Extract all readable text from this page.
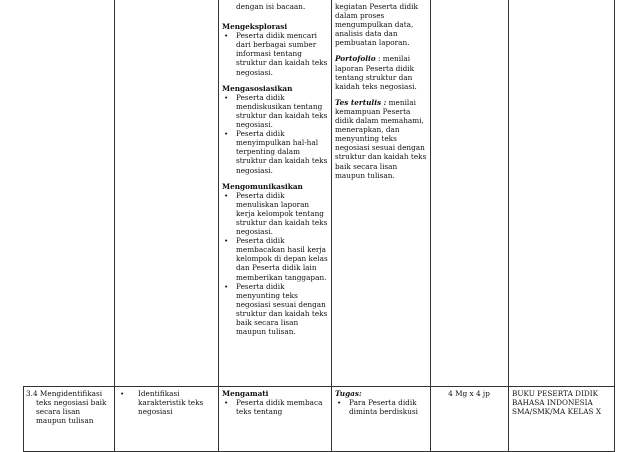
dengan isi bacaan.

Mengeksplorasi

• Peserta didik mencari dari berbagai sumber informasi tentang struktur dan kaidah teks negosiasi.

Mengasosiasikan

• Peserta didik mendiskusikan tentang struktur dan kaidah teks negosiasi.
• Peserta didik menyimpulkan hal-hal terpenting dalam struktur dan kaidah teks negosiasi.

Mengomunikasikan

• Peserta didik menuliskan laporan kerja kelompok tentang struktur dan kaidah teks negosiasi.
• Peserta didik membacakan hasil kerja kelompok di depan kelas dan Peserta didik lain memberikan tanggapan.
• Peserta didik menyunting teks negosiasi sesuai dengan struktur dan kaidah teks baik secara lisan maupun tulisan.

kegiatan Peserta didik dalam proses mengumpulkan data, analisis data dan pembuatan laporan.

Portofolio : menilai laporan Peserta didik tentang struktur dan kaidah teks negosiasi.

Tes tertulis : menilai kemampuan Peserta didik dalam memahami, menerapkan, dan menyunting teks negosiasi sesuai dengan struktur dan kaidah teks baik secara lisan maupun tulisan.

3.4 Mengidentifikasi teks negosiasi baik secara lisan maupun tulisan

• Identifikasi karakteristik teks negosiasi

Mengamati

• Peserta didik membaca teks tentang

Tugas:

• Para Peserta didik diminta berdiskusi

4 Mg x 4 jp	BUKU PESERTA DIDIK BAHASA INDONESIA SMA/SMK/MA KELAS X
